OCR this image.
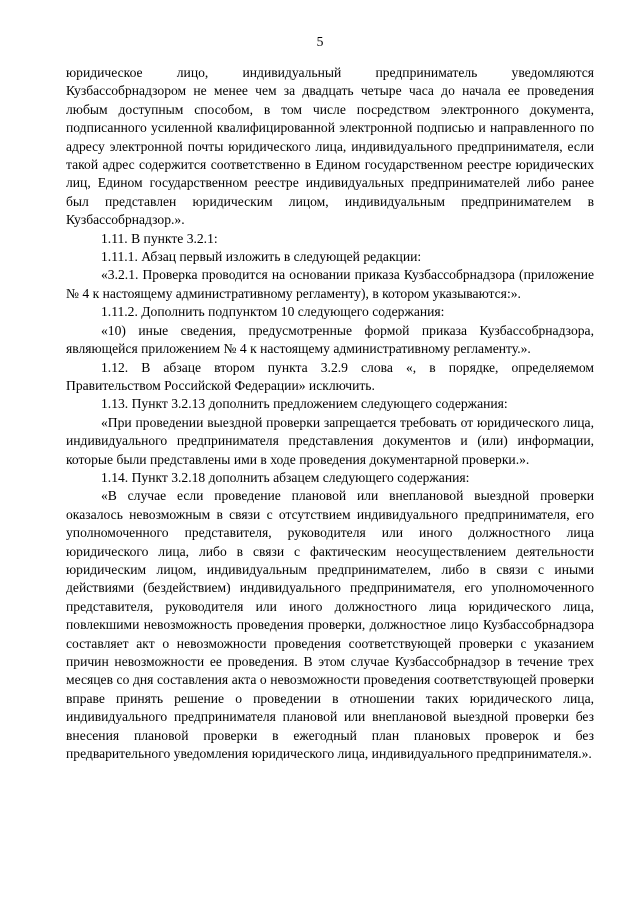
5

юридическое лицо, индивидуальный предприниматель уведомляются Кузбассобрнадзором не менее чем за двадцать четыре часа до начала ее проведения любым доступным способом, в том числе посредством электронного документа, подписанного усиленной квалифицированной электронной подписью и направленного по адресу электронной почты юридического лица, индивидуального предпринимателя, если такой адрес содержится соответственно в Едином государственном реестре юридических лиц, Едином государственном реестре индивидуальных предпринимателей либо ранее был представлен юридическим лицом, индивидуальным предпринимателем в Кузбассобрнадзор.».

1.11. В пункте 3.2.1:

1.11.1. Абзац первый изложить в следующей редакции:

«3.2.1. Проверка проводится на основании приказа Кузбассобрнадзора (приложение № 4 к настоящему административному регламенту), в котором указываются:».

1.11.2. Дополнить подпунктом 10 следующего содержания:

«10) иные сведения, предусмотренные формой приказа Кузбассобрнадзора, являющейся приложением № 4 к настоящему административному регламенту.».

1.12. В абзаце втором пункта 3.2.9 слова «, в порядке, определяемом Правительством Российской Федерации» исключить.

1.13. Пункт 3.2.13 дополнить предложением следующего содержания:

«При проведении выездной проверки запрещается требовать от юридического лица, индивидуального предпринимателя представления документов и (или) информации, которые были представлены ими в ходе проведения документарной проверки.».

1.14. Пункт 3.2.18 дополнить абзацем следующего содержания:

«В случае если проведение плановой или внеплановой выездной проверки оказалось невозможным в связи с отсутствием индивидуального предпринимателя, его уполномоченного представителя, руководителя или иного должностного лица юридического лица, либо в связи с фактическим неосуществлением деятельности юридическим лицом, индивидуальным предпринимателем, либо в связи с иными действиями (бездействием) индивидуального предпринимателя, его уполномоченного представителя, руководителя или иного должностного лица юридического лица, повлекшими невозможность проведения проверки, должностное лицо Кузбассобрнадзора составляет акт о невозможности проведения соответствующей проверки с указанием причин невозможности ее проведения. В этом случае Кузбассобрнадзор в течение трех месяцев со дня составления акта о невозможности проведения соответствующей проверки вправе принять решение о проведении в отношении таких юридического лица, индивидуального предпринимателя плановой или внеплановой выездной проверки без внесения плановой проверки в ежегодный план плановых проверок и без предварительного уведомления юридического лица, индивидуального предпринимателя.».
